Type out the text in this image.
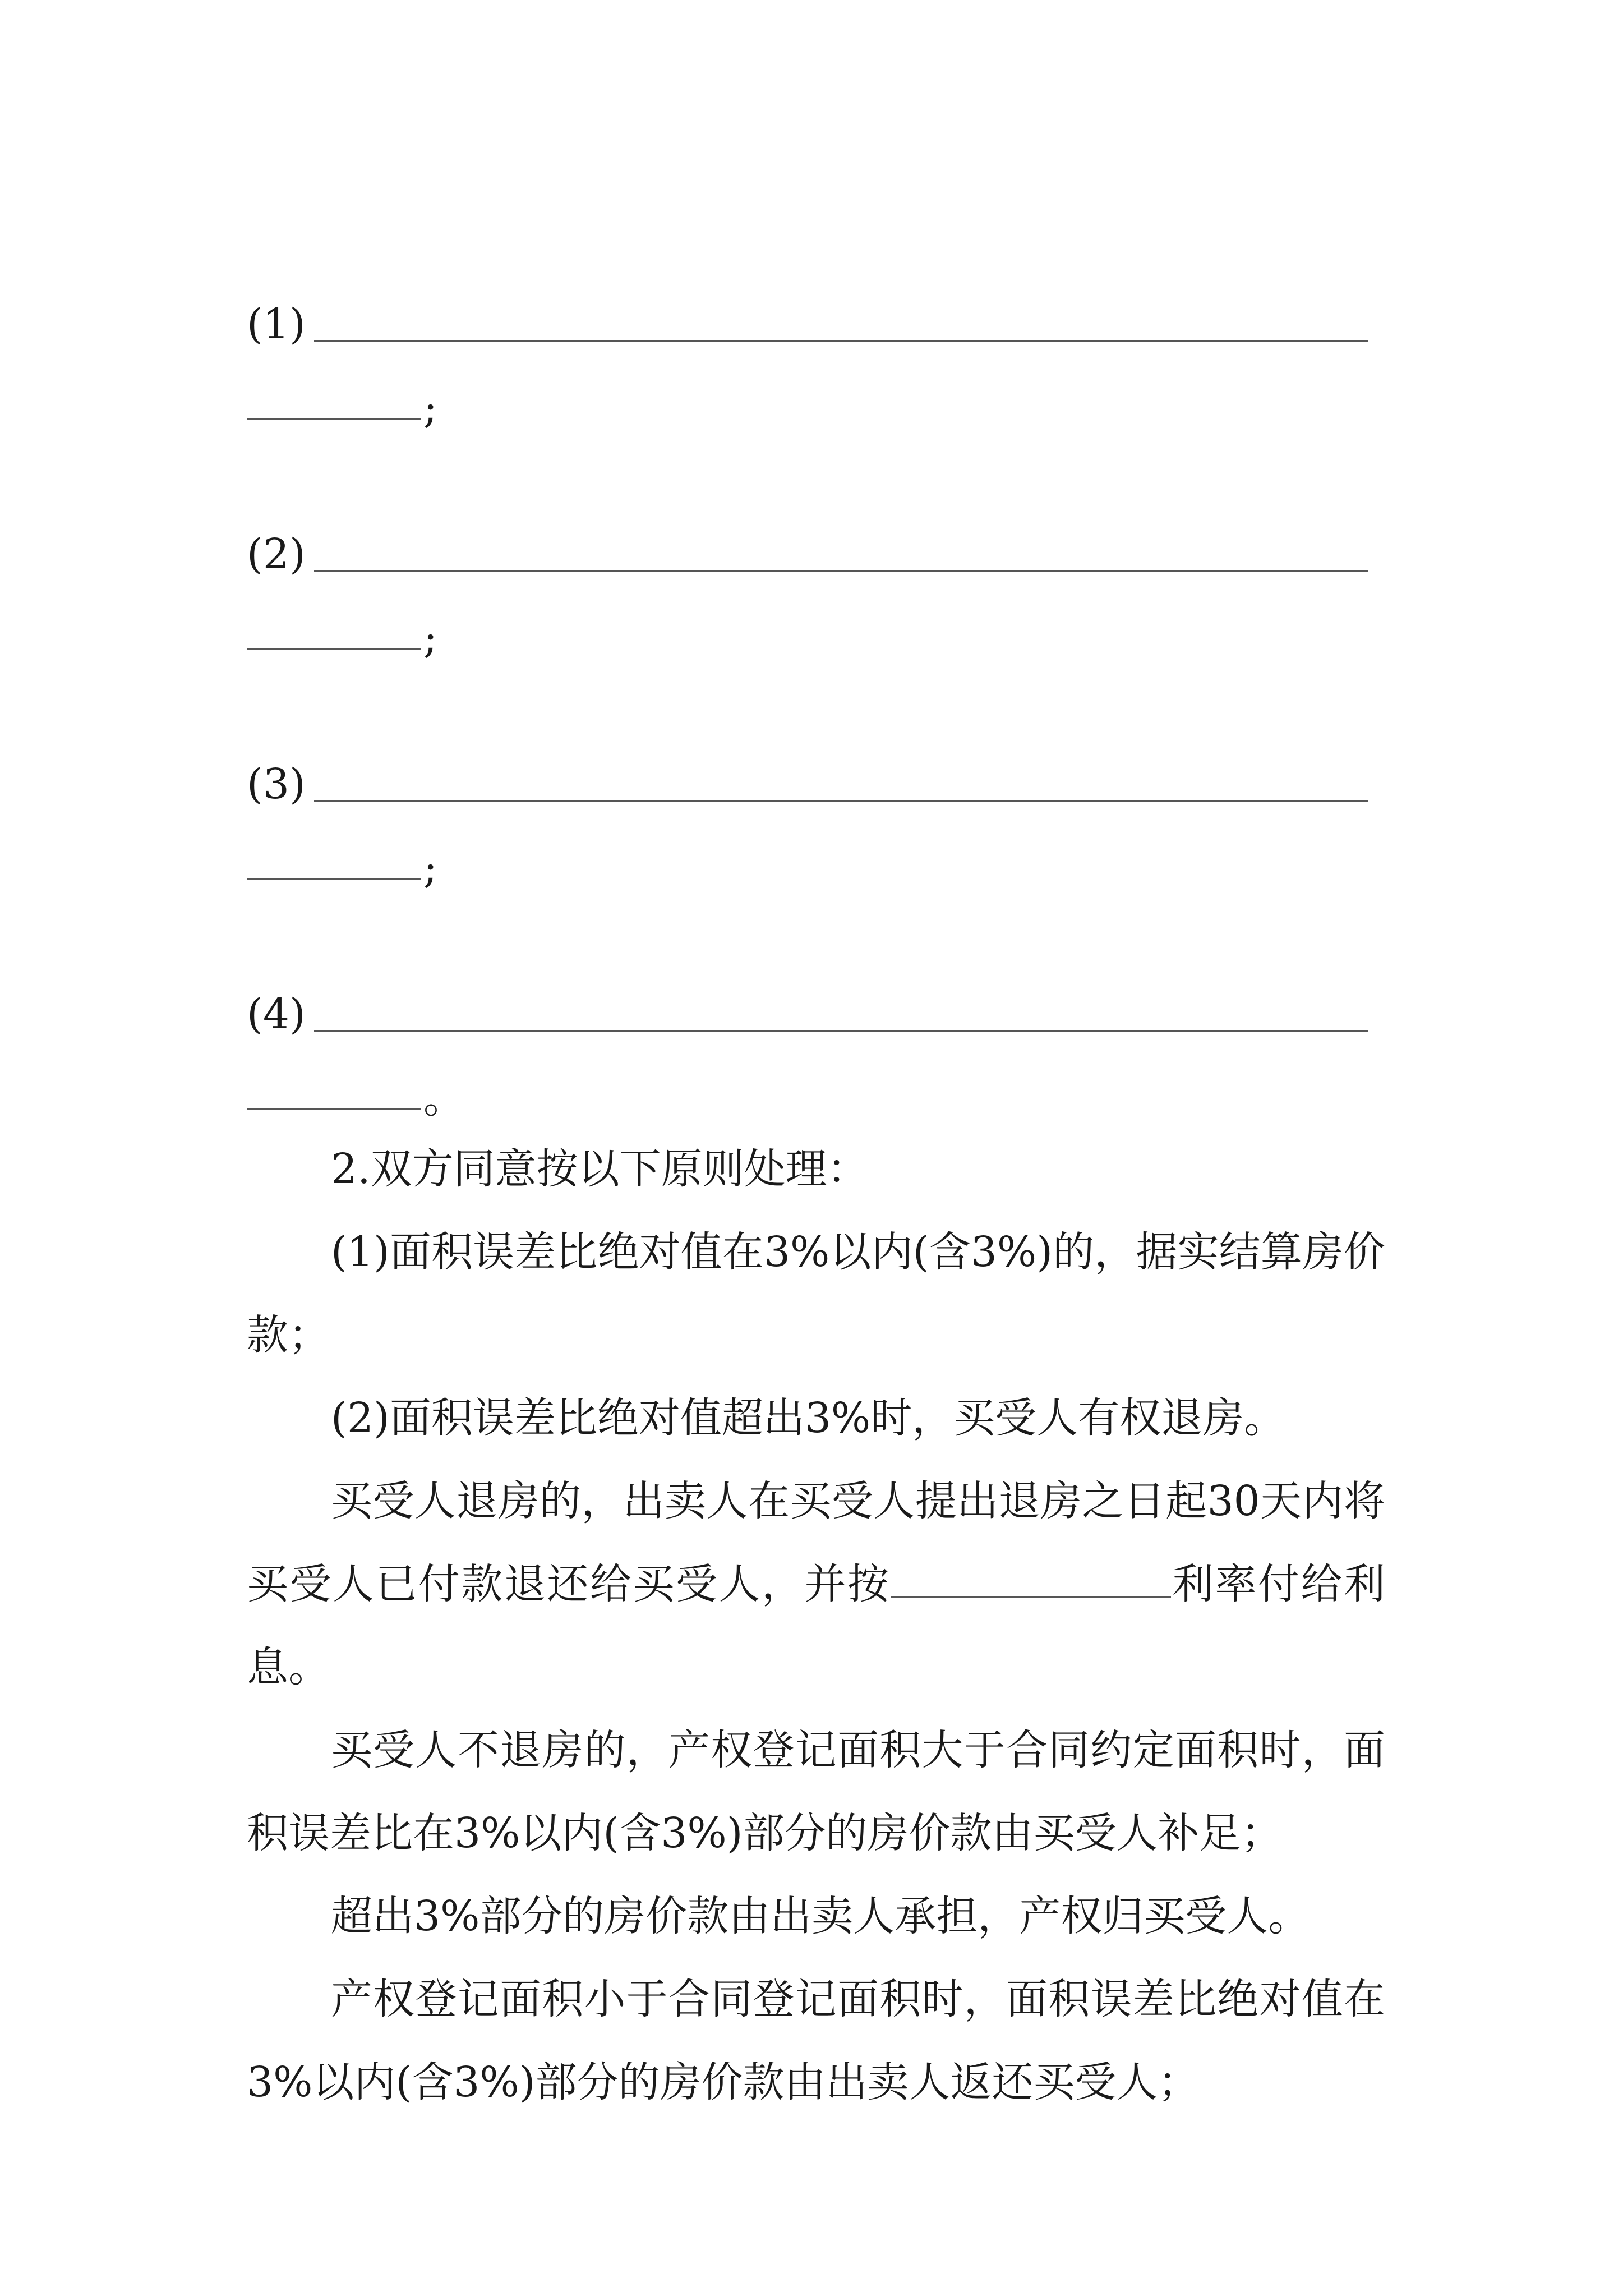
(1)
;
(2)
;
(3)
;
(4)
。
2.双方同意按以下原则处理：
(1)面积误差比绝对值在3%以内(含3%)的，据实结算房价款；
(2)面积误差比绝对值超出3%时，买受人有权退房。
买受人退房的，出卖人在买受人提出退房之日起30天内将买受人已付款退还给买受人，并按	利率付给利息。
买受人不退房的，产权登记面积大于合同约定面积时，面积误差比在3%以内(含3%)部分的房价款由买受人补足；
超出3%部分的房价款由出卖人承担，产权归买受人。
产权登记面积小于合同登记面积时，面积误差比绝对值在3%以内(含3%)部分的房价款由出卖人返还买受人；
